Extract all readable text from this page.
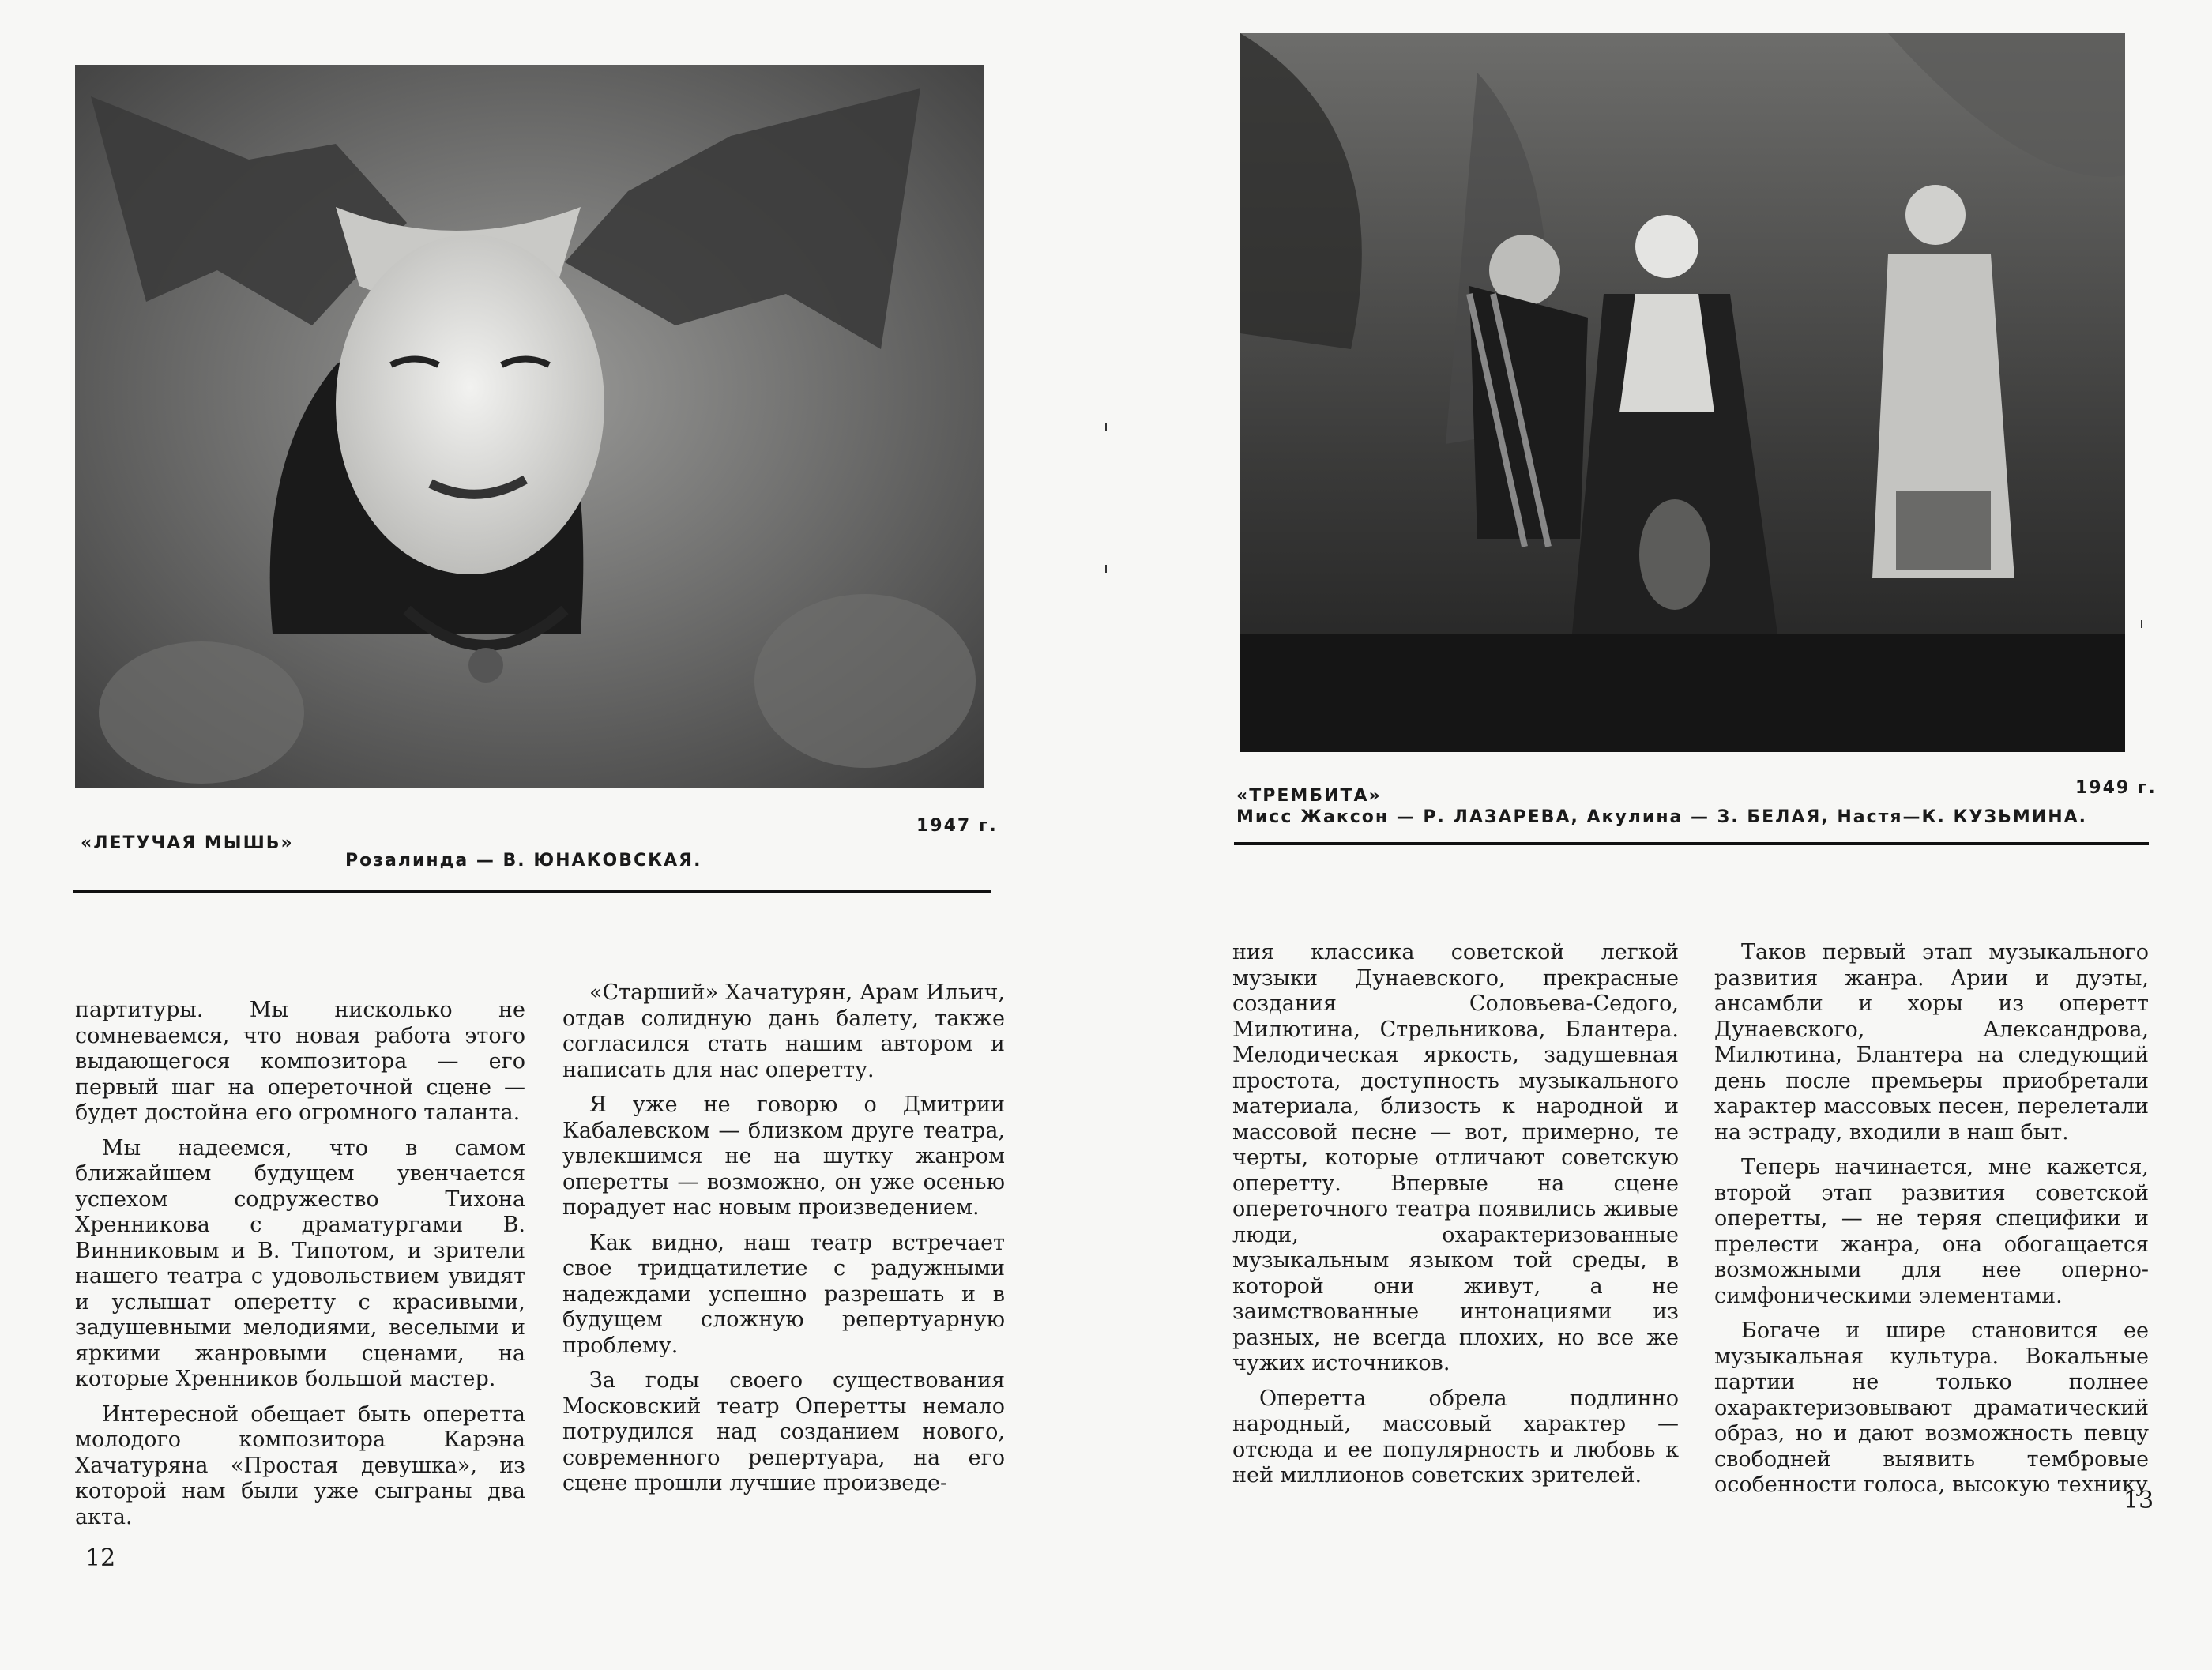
«ЛЕТУЧАЯ МЫШЬ»
1947 г.
Розалинда — В. ЮНАКОВСКАЯ.

партитуры. Мы нисколько не сомневаемся, что новая работа этого выдающегося композитора — его первый шаг на опереточной сцене — будет достойна его огромного таланта.

Мы надеемся, что в самом ближайшем будущем увенчается успехом содружество Тихона Хренникова с драматургами В. Винниковым и В. Типотом, и зрители нашего театра с удовольствием увидят и услышат оперетту с красивыми, задушевными мелодиями, веселыми и яркими жанровыми сценами, на которые Хренников большой мастер.

Интересной обещает быть оперетта молодого композитора Карэна Хачатуряна «Простая девушка», из которой нам были уже сыграны два акта.

«Старший» Хачатурян, Арам Ильич, отдав солидную дань балету, также согласился стать нашим автором и написать для нас оперетту.

Я уже не говорю о Дмитрии Кабалевском — близком друге театра, увлекшимся не на шутку жанром оперетты — возможно, он уже осенью порадует нас новым произведением.

Как видно, наш театр встречает свое тридцатилетие с радужными надеждами успешно разрешать и в будущем сложную репертуарную проблему.

За годы своего существования Московский театр Оперетты немало потрудился над созданием нового, современного репертуара, на его сцене прошли лучшие произведе-

12
«ТРЕМБИТА»	1949 г.
Мисс Жаксон — Р. ЛАЗАРЕВА, Акулина — З. БЕЛАЯ, Настя—К. КУЗЬМИНА.

ния классика советской легкой музыки Дунаевского, прекрасные создания Соловьева-Седого, Милютина, Стрельникова, Блантера. Мелодическая яркость, задушевная простота, доступность музыкального материала, близость к народной и массовой песне — вот, примерно, те черты, которые отличают советскую оперетту. Впервые на сцене опереточного театра появились живые люди, охарактеризованные музыкальным языком той среды, в которой они живут, а не заимствованные интонациями из разных, не всегда плохих, но все же чужих источников.

Оперетта обрела подлинно народный, массовый характер — отсюда и ее популярность и любовь к ней миллионов советских зрителей.

Таков первый этап музыкального развития жанра. Арии и дуэты, ансамбли и хоры из оперетт Дунаевского, Александрова, Милютина, Блантера на следующий день после премьеры приобретали характер массовых песен, перелетали на эстраду, входили в наш быт.

Теперь начинается, мне кажется, второй этап развития советской оперетты, — не теряя специфики и прелести жанра, она обогащается возможными для нее оперно-симфоническими элементами.

Богаче и шире становится ее музыкальная культура. Вокальные партии не только полнее охарактеризовывают драматический образ, но и дают возможность певцу свободней выявить тембровые особенности голоса, высокую технику

13
